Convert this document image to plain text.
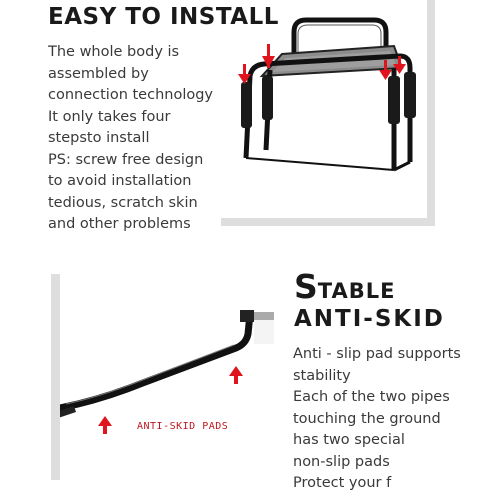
EASY TO INSTALL
The whole body is
assembled by
connection technology
It only takes four
stepsto install
PS: screw free design
to avoid installation
tedious, scratch skin
and other problems
ANTI-SKID PADS
STABLE
ANTI-SKID
Anti - slip pad supports
stability
Each of the two pipes
touching the ground
has two special
non-slip pads
Protect your f
